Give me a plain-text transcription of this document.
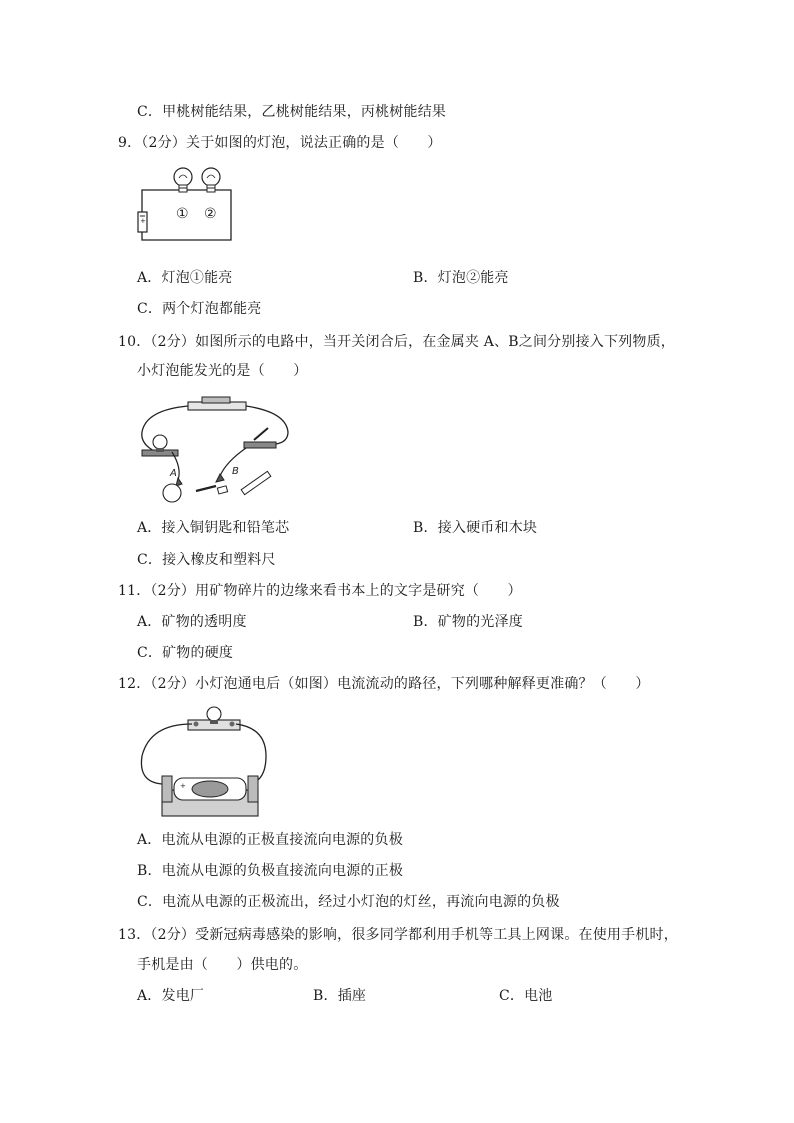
C．甲桃树能结果，乙桃树能结果，丙桃树能结果
9．（2分）关于如图的灯泡，说法正确的是（　　）
+ ① ②
A．灯泡①能亮	B．灯泡②能亮
C．两个灯泡都能亮
10．（2分）如图所示的电路中，当开关闭合后，在金属夹 A、B之间分别接入下列物质，
小灯泡能发光的是（　　）
A	B
A．接入铜钥匙和铅笔芯	B．接入硬币和木块
C．接入橡皮和塑料尺
11．（2分）用矿物碎片的边缘来看书本上的文字是研究（　　）
A．矿物的透明度	B．矿物的光泽度
C．矿物的硬度
12．（2分）小灯泡通电后（如图）电流流动的路径，下列哪种解释更准确？（　　）
+
A．电流从电源的正极直接流向电源的负极
B．电流从电源的负极直接流向电源的正极
C．电流从电源的正极流出，经过小灯泡的灯丝，再流向电源的负极
13．（2分）受新冠病毒感染的影响，很多同学都利用手机等工具上网课。在使用手机时，
手机是由（　　）供电的。
A．发电厂	B．插座	C．电池
